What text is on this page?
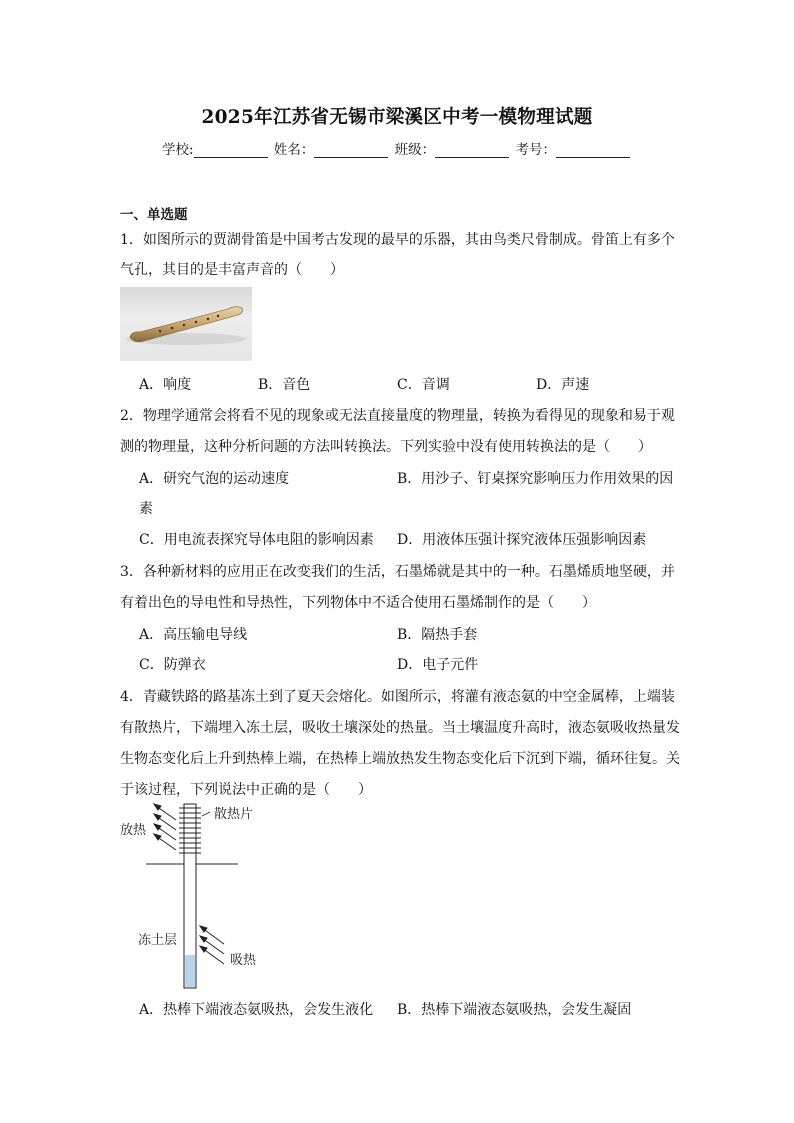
2025年江苏省无锡市梁溪区中考一模物理试题
学校:	姓名：	班级：	考号：
一、单选题
1．如图所示的贾湖骨笛是中国考古发现的最早的乐器，其由鸟类尺骨制成。骨笛上有多个
气孔，其目的是丰富声音的（　　）
A．响度	B．音色	C．音调	D．声速
2．物理学通常会将看不见的现象或无法直接量度的物理量，转换为看得见的现象和易于观
测的物理量，这种分析问题的方法叫转换法。下列实验中没有使用转换法的是（　　）
A．研究气泡的运动速度	B．用沙子、钉桌探究影响压力作用效果的因
素
C．用电流表探究导体电阻的影响因素 D．用液体压强计探究液体压强影响因素
3．各种新材料的应用正在改变我们的生活，石墨烯就是其中的一种。石墨烯质地坚硬，并
有着出色的导电性和导热性，下列物体中不适合使用石墨烯制作的是（　　）
A．高压输电导线	B．隔热手套
C．防弹衣	D．电子元件
4．青藏铁路的路基冻土到了夏天会熔化。如图所示，将灌有液态氨的中空金属棒，上端装
有散热片，下端埋入冻土层，吸收土壤深处的热量。当土壤温度升高时，液态氨吸收热量发
生物态变化后上升到热棒上端，在热棒上端放热发生物态变化后下沉到下端，循环往复。关
于该过程，下列说法中正确的是（　　）
放热
散热片
冻土层
吸热
A．热棒下端液态氨吸热，会发生液化 B．热棒下端液态氨吸热，会发生凝固
